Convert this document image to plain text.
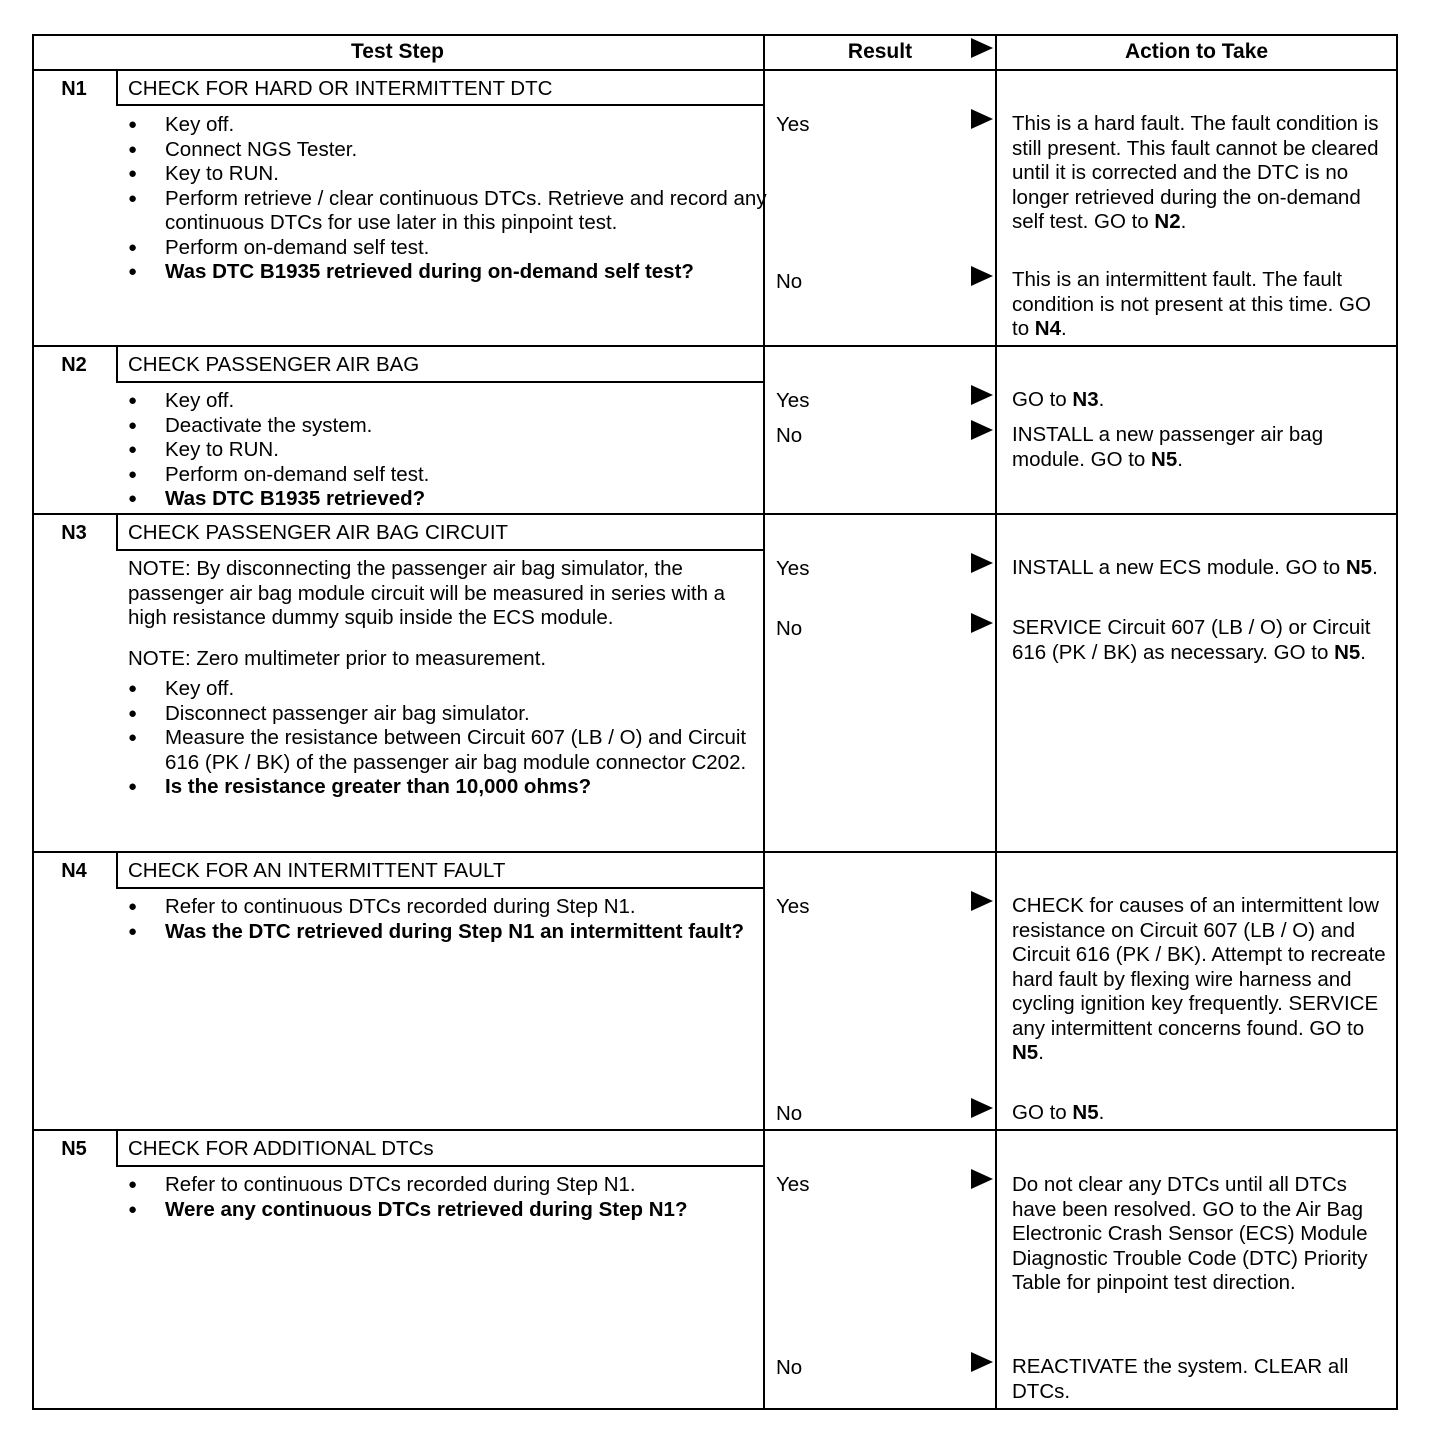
Test Step	Result	Action to Take
N1	CHECK FOR HARD OR INTERMITTENT DTC
● Key off.
● Connect NGS Tester.
● Key to RUN.
● Perform retrieve / clear continuous DTCs. Retrieve and record any continuous DTCs for use later in this pinpoint test.
● Perform on-demand self test.
● Was DTC B1935 retrieved during on-demand self test?
Yes	This is a hard fault. The fault condition is still present. This fault cannot be cleared until it is corrected and the DTC is no longer retrieved during the on-demand self test. GO to N2.
No	This is an intermittent fault. The fault condition is not present at this time. GO to N4.
N2	CHECK PASSENGER AIR BAG
● Key off.
● Deactivate the system.
● Key to RUN.
● Perform on-demand self test.
● Was DTC B1935 retrieved?
Yes	GO to N3.
No	INSTALL a new passenger air bag module. GO to N5.
N3	CHECK PASSENGER AIR BAG CIRCUIT
NOTE: By disconnecting the passenger air bag simulator, the passenger air bag module circuit will be measured in series with a high resistance dummy squib inside the ECS module.
NOTE: Zero multimeter prior to measurement.
● Key off.
● Disconnect passenger air bag simulator.
● Measure the resistance between Circuit 607 (LB / O) and Circuit 616 (PK / BK) of the passenger air bag module connector C202.
● Is the resistance greater than 10,000 ohms?
Yes	INSTALL a new ECS module. GO to N5.
No	SERVICE Circuit 607 (LB / O) or Circuit 616 (PK / BK) as necessary. GO to N5.
N4	CHECK FOR AN INTERMITTENT FAULT
● Refer to continuous DTCs recorded during Step N1.
● Was the DTC retrieved during Step N1 an intermittent fault?
Yes	CHECK for causes of an intermittent low resistance on Circuit 607 (LB / O) and Circuit 616 (PK / BK). Attempt to recreate hard fault by flexing wire harness and cycling ignition key frequently. SERVICE any intermittent concerns found. GO to N5.
No	GO to N5.
N5	CHECK FOR ADDITIONAL DTCs
● Refer to continuous DTCs recorded during Step N1.
● Were any continuous DTCs retrieved during Step N1?
Yes	Do not clear any DTCs until all DTCs have been resolved. GO to the Air Bag Electronic Crash Sensor (ECS) Module Diagnostic Trouble Code (DTC) Priority Table for pinpoint test direction.
No	REACTIVATE the system. CLEAR all DTCs.
